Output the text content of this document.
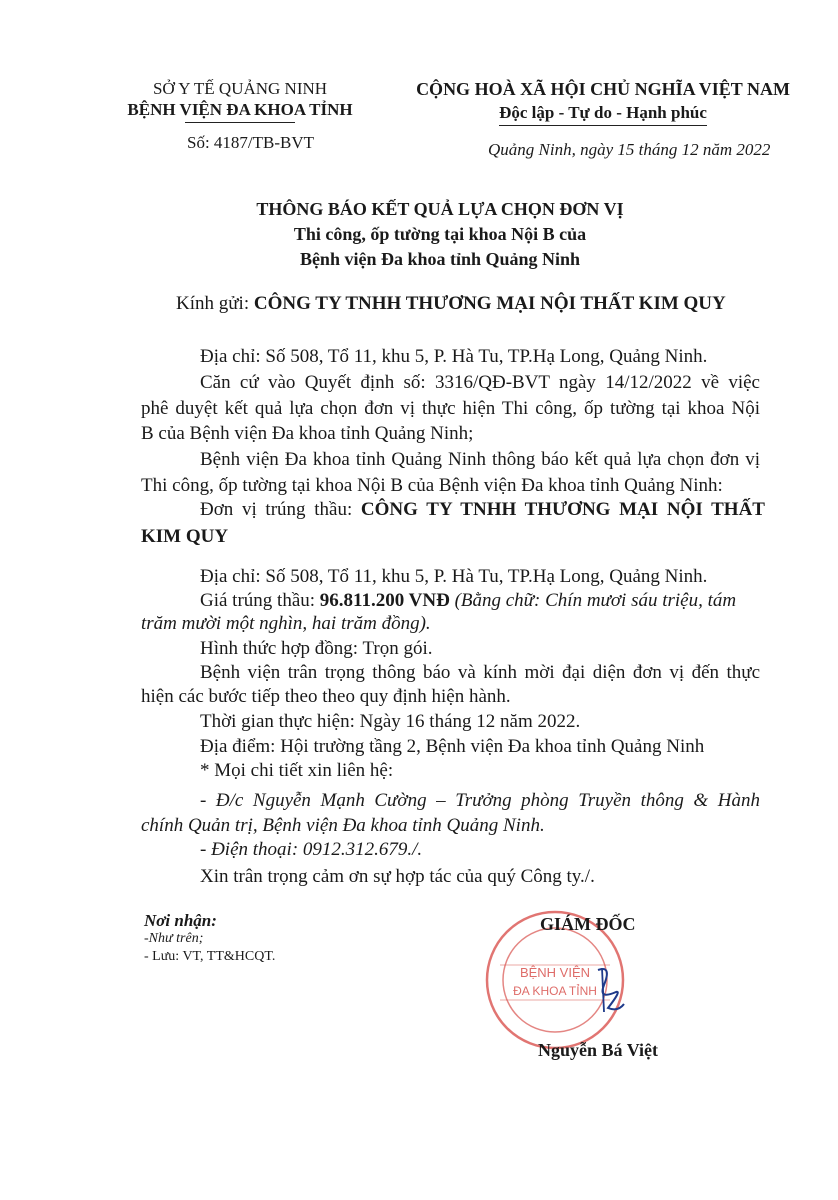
SỞ Y TẾ QUẢNG NINH
BỆNH VIỆN ĐA KHOA TỈNH
Số: 4187/TB-BVT
CỘNG HOÀ XÃ HỘI CHỦ NGHĨA VIỆT NAM
Độc lập - Tự do - Hạnh phúc
Quảng Ninh, ngày 15 tháng 12 năm 2022
THÔNG BÁO KẾT QUẢ LỰA CHỌN ĐƠN VỊ
Thi công, ốp tường tại khoa Nội B của
Bệnh viện Đa khoa tỉnh Quảng Ninh
Kính gửi: CÔNG TY TNHH THƯƠNG MẠI NỘI THẤT KIM QUY
Địa chỉ: Số 508, Tổ 11, khu 5, P. Hà Tu, TP.Hạ Long, Quảng Ninh.
Căn cứ vào Quyết định số: 3316/QĐ-BVT ngày 14/12/2022 về việc
phê duyệt kết quả lựa chọn đơn vị thực hiện Thi công, ốp tường tại khoa Nội
B của Bệnh viện Đa khoa tỉnh Quảng Ninh;
Bệnh viện Đa khoa tỉnh Quảng Ninh thông báo kết quả lựa chọn đơn vị
Thi công, ốp tường tại khoa Nội B của Bệnh viện Đa khoa tỉnh Quảng Ninh:
Đơn vị trúng thầu: CÔNG TY TNHH THƯƠNG MẠI NỘI THẤT
KIM QUY
Địa chỉ: Số 508, Tổ 11, khu 5, P. Hà Tu, TP.Hạ Long, Quảng Ninh.
Giá trúng thầu: 96.811.200 VNĐ (Bằng chữ: Chín mươi sáu triệu, tám
trăm mười một nghìn, hai trăm đồng).
Hình thức hợp đồng: Trọn gói.
Bệnh viện trân trọng thông báo và kính mời đại diện đơn vị đến thực
hiện các bước tiếp theo theo quy định hiện hành.
Thời gian thực hiện: Ngày 16 tháng 12 năm 2022.
Địa điểm: Hội trường tầng 2, Bệnh viện Đa khoa tỉnh Quảng Ninh
* Mọi chi tiết xin liên hệ:
- Đ/c Nguyễn Mạnh Cường – Trưởng phòng Truyền thông & Hành
chính Quản trị, Bệnh viện Đa khoa tỉnh Quảng Ninh.
- Điện thoại: 0912.312.679./.
Xin trân trọng cảm ơn sự hợp tác của quý Công ty./.
Nơi nhận:
-Như trên;
- Lưu: VT, TT&HCQT.
BỆNH VIỆN
ĐA KHOA TỈNH
GIÁM ĐỐC
Nguyễn Bá Việt
